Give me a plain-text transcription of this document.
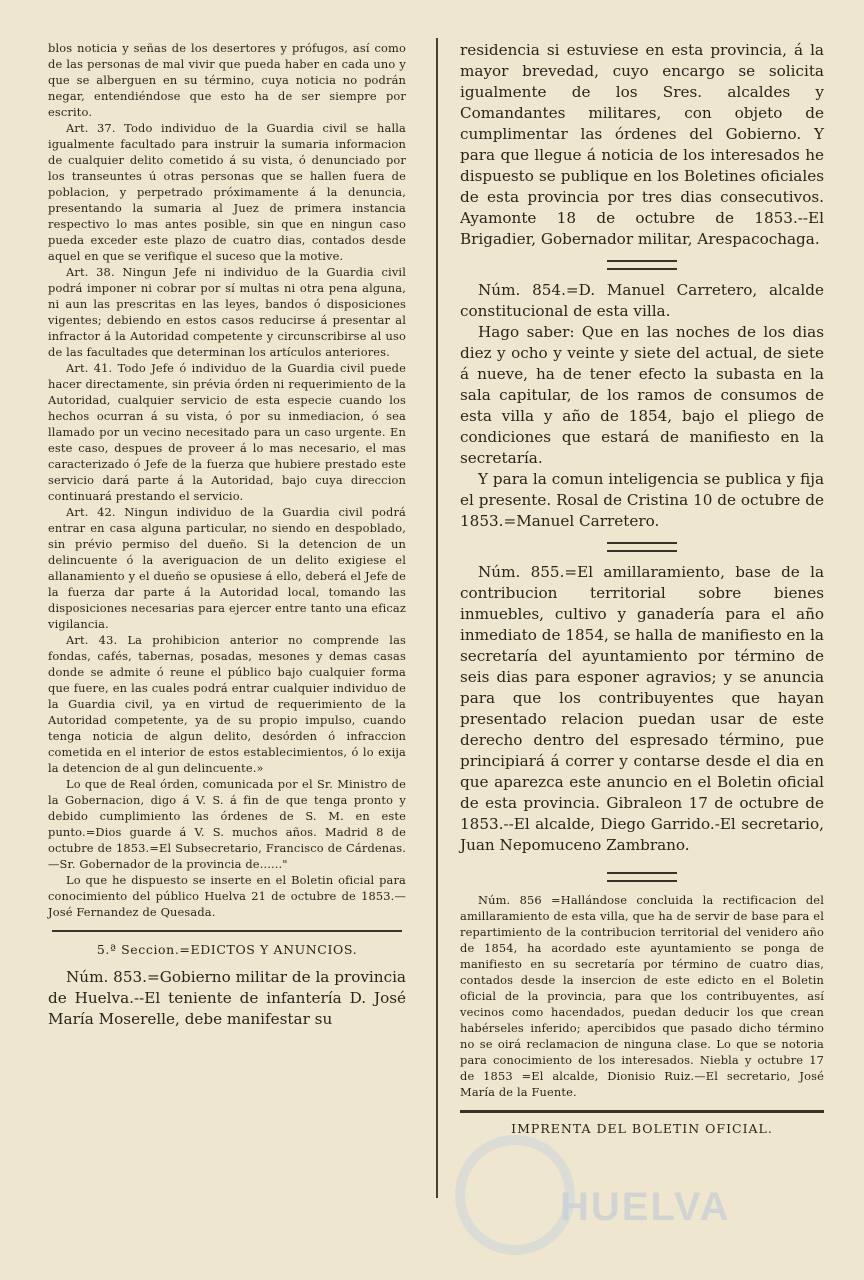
blos noticia y señas de los desertores y prófugos, así como de las personas de mal vivir que pueda haber en cada uno y que se alberguen en su término, cuya noticia no podrán negar, entendiéndose que esto ha de ser siempre por escrito.

Art. 37. Todo individuo de la Guardia civil se halla igualmente facultado para instruir la sumaria informacion de cualquier delito cometido á su vista, ó denunciado por los transeuntes ú otras personas que se hallen fuera de poblacion, y perpetrado próximamente á la denuncia, presentando la sumaria al Juez de primera instancia respectivo lo mas antes posible, sin que en ningun caso pueda exceder este plazo de cuatro dias, contados desde aquel en que se verifique el suceso que la motive.

Art. 38. Ningun Jefe ni individuo de la Guardia civil podrá imponer ni cobrar por sí multas ni otra pena alguna, ni aun las prescritas en las leyes, bandos ó disposiciones vigentes; debiendo en estos casos reducirse á presentar al infractor á la Autoridad competente y circunscribirse al uso de las facultades que determinan los artículos anteriores.

Art. 41. Todo Jefe ó individuo de la Guardia civil puede hacer directamente, sin prévia órden ni requerimiento de la Autoridad, cualquier servicio de esta especie cuando los hechos ocurran á su vista, ó por su inmediacion, ó sea llamado por un vecino necesitado para un caso urgente. En este caso, despues de proveer á lo mas necesario, el mas caracterizado ó Jefe de la fuerza que hubiere prestado este servicio dará parte á la Autoridad, bajo cuya direccion continuará prestando el servicio.

Art. 42. Ningun individuo de la Guardia civil podrá entrar en casa alguna particular, no siendo en despoblado, sin prévio permiso del dueño. Si la detencion de un delincuente ó la averiguacion de un delito exigiese el allanamiento y el dueño se opusiese á ello, deberá el Jefe de la fuerza dar parte á la Autoridad local, tomando las disposiciones necesarias para ejercer entre tanto una eficaz vigilancia.

Art. 43. La prohibicion anterior no comprende las fondas, cafés, tabernas, posadas, mesones y demas casas donde se admite ó reune el público bajo cualquier forma que fuere, en las cuales podrá entrar cualquier individuo de la Guardia civil, ya en virtud de requerimiento de la Autoridad competente, ya de su propio impulso, cuando tenga noticia de algun delito, desórden ó infraccion cometida en el interior de estos establecimientos, ó lo exija la detencion de al gun delincuente.»

Lo que de Real órden, comunicada por el Sr. Ministro de la Gobernacion, digo á V. S. á fin de que tenga pronto y debido cumplimiento las órdenes de S. M. en este punto.=Dios guarde á V. S. muchos años. Madrid 8 de octubre de 1853.=El Subsecretario, Francisco de Cárdenas.—Sr. Gobernador de la provincia de......"

Lo que he dispuesto se inserte en el Boletin oficial para conocimiento del público Huelva 21 de octubre de 1853.—José Fernandez de Quesada.

5.ª Seccion.=EDICTOS Y ANUNCIOS.

Núm. 853.=Gobierno militar de la provincia de Huelva.--El teniente de infantería D. José María Moserelle, debe manifestar su

residencia si estuviese en esta provincia, á la mayor brevedad, cuyo encargo se solicita igualmente de los Sres. alcaldes y Comandantes militares, con objeto de cumplimentar las órdenes del Gobierno. Y para que llegue á noticia de los interesados he dispuesto se publique en los Boletines oficiales de esta provincia por tres dias consecutivos. Ayamonte 18 de octubre de 1853.--El Brigadier, Gobernador militar, Arespacochaga.

Núm. 854.=D. Manuel Carretero, alcalde constitucional de esta villa.

Hago saber: Que en las noches de los dias diez y ocho y veinte y siete del actual, de siete á nueve, ha de tener efecto la subasta en la sala capitular, de los ramos de consumos de esta villa y año de 1854, bajo el pliego de condiciones que estará de manifiesto en la secretaría.

Y para la comun inteligencia se publica y fija el presente. Rosal de Cristina 10 de octubre de 1853.=Manuel Carretero.

Núm. 855.=El amillaramiento, base de la contribucion territorial sobre bienes inmuebles, cultivo y ganadería para el año inmediato de 1854, se halla de manifiesto en la secretaría del ayuntamiento por término de seis dias para esponer agravios; y se anuncia para que los contribuyentes que hayan presentado relacion puedan usar de este derecho dentro del espresado término, pue principiará á correr y contarse desde el dia en que aparezca este anuncio en el Boletin oficial de esta provincia. Gibraleon 17 de octubre de 1853.--El alcalde, Diego Garrido.-El secretario, Juan Nepomuceno Zambrano.

Núm. 856 =Hallándose concluida la rectificacion del amillaramiento de esta villa, que ha de servir de base para el repartimiento de la contribucion territorial del venidero año de 1854, ha acordado este ayuntamiento se ponga de manifiesto en su secretaría por término de cuatro dias, contados desde la insercion de este edicto en el Boletin oficial de la provincia, para que los contribuyentes, así vecinos como hacendados, puedan deducir los que crean habérseles inferido; apercibidos que pasado dicho término no se oirá reclamacion de ninguna clase. Lo que se notoria para conocimiento de los interesados. Niebla y octubre 17 de 1853 =El alcalde, Dionisio Ruiz.—El secretario, José María de la Fuente.

IMPRENTA DEL BOLETIN OFICIAL.
HUELVA
